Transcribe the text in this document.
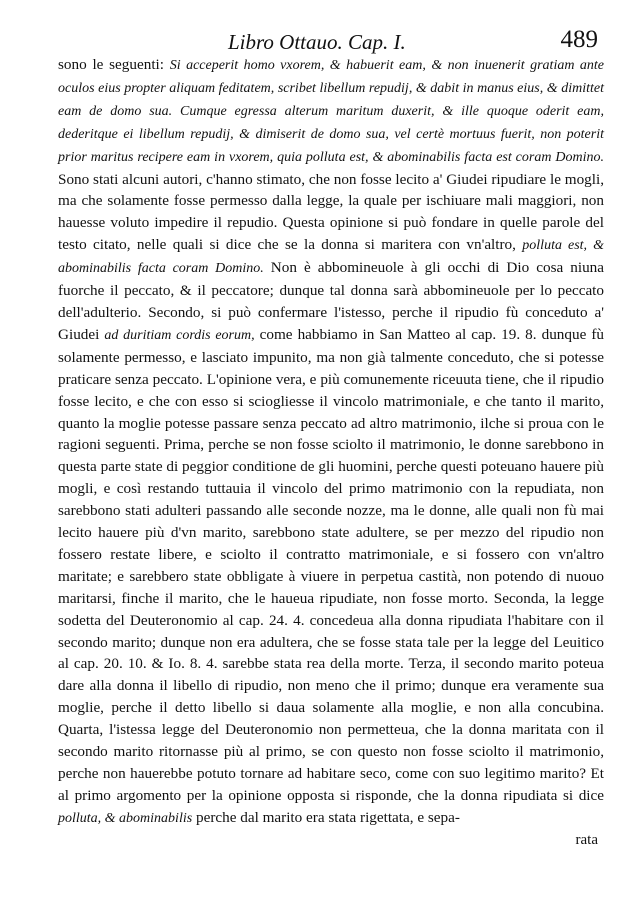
Libro Ottauo. Cap. I.	489

sono le seguenti: Si acceperit homo vxorem, & habuerit eam, & non inuenerit gratiam ante oculos eius propter aliquam feditatem, scribet libellum repudij, & dabit in manus eius, & dimittet eam de domo sua. Cumque egressa alterum maritum duxerit, & ille quoque oderit eam, dederitque ei libellum repudij, & dimiserit de domo sua, vel certè mortuus fuerit, non poterit prior maritus recipere eam in vxorem, quia polluta est, & abominabilis facta est coram Domino. Sono stati alcuni autori, c'hanno stimato, che non fosse lecito a' Giudei ripudiare le mogli, ma che solamente fosse permesso dalla legge, la quale per ischiuare mali maggiori, non hauesse voluto impedire il repudio. Questa opinione si può fondare in quelle parole del testo citato, nelle quali si dice che se la donna si maritera con vn'altro, polluta est, & abominabilis facta coram Domino. Non è abbomineuole à gli occhi di Dio cosa niuna fuorche il peccato, & il peccatore; dunque tal donna sarà abbomineuole per lo peccato dell'adulterio. Secondo, si può confermare l'istesso, perche il ripudio fù conceduto a' Giudei ad duritiam cordis eorum, come habbiamo in San Matteo al cap. 19. 8. dunque fù solamente permesso, e lasciato impunito, ma non già talmente conceduto, che si potesse praticare senza peccato. L'opinione vera, e più comunemente riceuuta tiene, che il ripudio fosse lecito, e che con esso si sciogliesse il vincolo matrimoniale, e che tanto il marito, quanto la moglie potesse passare senza peccato ad altro matrimonio, ilche si proua con le ragioni seguenti. Prima, perche se non fosse sciolto il matrimonio, le donne sarebbono in questa parte state di peggior conditione de gli huomini, perche questi poteuano hauere più mogli, e così restando tuttauia il vincolo del primo matrimonio con la repudiata, non sarebbono stati adulteri passando alle seconde nozze, ma le donne, alle quali non fù mai lecito hauere più d'vn marito, sarebbono state adultere, se per mezzo del ripudio non fossero restate libere, e sciolto il contratto matrimoniale, e si fossero con vn'altro maritate; e sarebbero state obbligate à viuere in perpetua castità, non potendo di nuouo maritarsi, finche il marito, che le haueua ripudiate, non fosse morto. Seconda, la legge sodetta del Deuteronomio al cap. 24. 4. concedeua alla donna ripudiata l'habitare con il secondo marito; dunque non era adultera, che se fosse stata tale per la legge del Leuitico al cap. 20. 10. & Io. 8. 4. sarebbe stata rea della morte. Terza, il secondo marito poteua dare alla donna il libello di ripudio, non meno che il primo; dunque era veramente sua moglie, perche il detto libello si daua solamente alla moglie, e non alla concubina. Quarta, l'istessa legge del Deuteronomio non permetteua, che la donna maritata con il secondo marito ritornasse più al primo, se con questo non fosse sciolto il matrimonio, perche non hauerebbe potuto tornare ad habitare seco, come con suo legitimo marito? Et al primo argomento per la opinione opposta si risponde, che la donna ripudiata si dice polluta, & abominabilis perche dal marito era stata rigettata, e sepa-

rata
